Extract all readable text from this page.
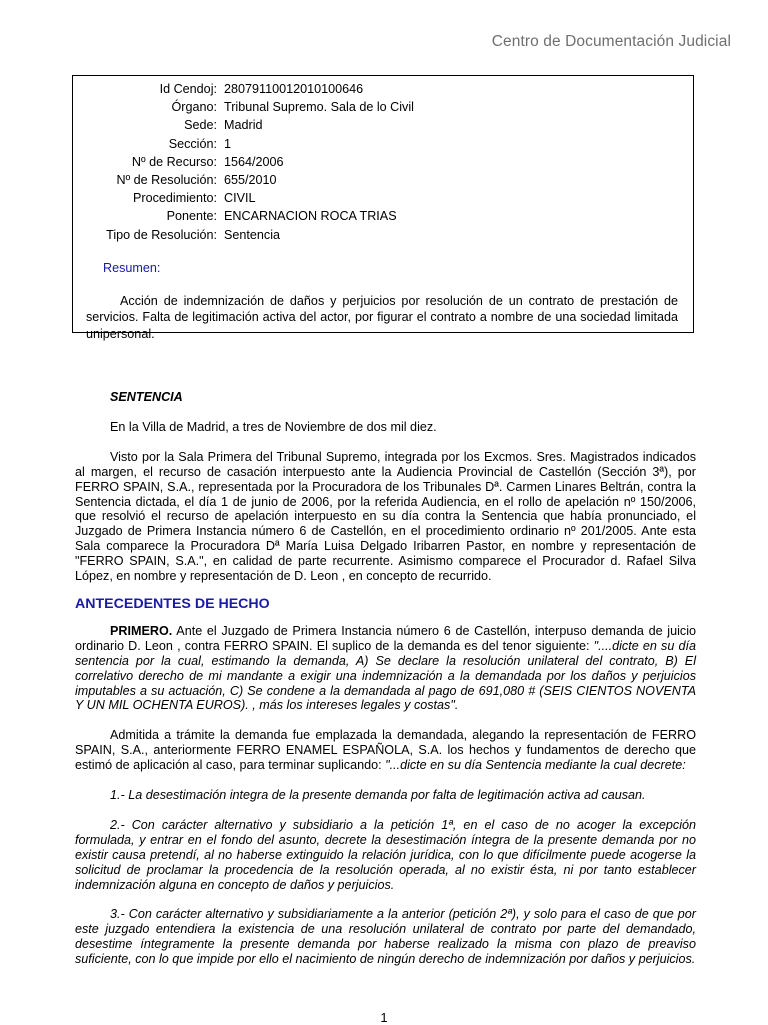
Centro de Documentación Judicial
Id Cendoj: 28079110012010100646
Órgano: Tribunal Supremo. Sala de lo Civil
Sede: Madrid
Sección: 1
Nº de Recurso: 1564/2006
Nº de Resolución: 655/2010
Procedimiento: CIVIL
Ponente: ENCARNACION ROCA TRIAS
Tipo de Resolución: Sentencia
Resumen:

Acción de indemnización de daños y perjuicios por resolución de un contrato de prestación de servicios. Falta de legitimación activa del actor, por figurar el contrato a nombre de una sociedad limitada unipersonal.

SENTENCIA

En la Villa de Madrid, a tres de Noviembre de dos mil diez.

Visto por la Sala Primera del Tribunal Supremo, integrada por los Excmos. Sres. Magistrados indicados al margen, el recurso de casación interpuesto ante la Audiencia Provincial de Castellón (Sección 3ª), por FERRO SPAIN, S.A., representada por la Procuradora de los Tribunales Dª. Carmen Linares Beltrán, contra la Sentencia dictada, el día 1 de junio de 2006, por la referida Audiencia, en el rollo de apelación nº 150/2006, que resolvió el recurso de apelación interpuesto en su día contra la Sentencia que había pronunciado, el Juzgado de Primera Instancia número 6 de Castellón, en el procedimiento ordinario nº 201/2005. Ante esta Sala comparece la Procuradora Dª María Luisa Delgado Iribarren Pastor, en nombre y representación de "FERRO SPAIN, S.A.", en calidad de parte recurrente. Asimismo comparece el Procurador d. Rafael Silva López, en nombre y representación de D. Leon , en concepto de recurrido.

ANTECEDENTES DE HECHO

PRIMERO. Ante el Juzgado de Primera Instancia número 6 de Castellón, interpuso demanda de juicio ordinario D. Leon , contra FERRO SPAIN. El suplico de la demanda es del tenor siguiente: "....dicte en su día sentencia por la cual, estimando la demanda, A) Se declare la resolución unilateral del contrato, B) El correlativo derecho de mi mandante a exigir una indemnización a la demandada por los daños y perjuicios imputables a su actuación, C) Se condene a la demandada al pago de 691,080 # (SEIS CIENTOS NOVENTA Y UN MIL OCHENTA EUROS). , más los intereses legales y costas".

Admitida a trámite la demanda fue emplazada la demandada, alegando la representación de FERRO SPAIN, S.A., anteriormente FERRO ENAMEL ESPAÑOLA, S.A. los hechos y fundamentos de derecho que estimó de aplicación al caso, para terminar suplicando: "...dicte en su día Sentencia mediante la cual decrete:

1.- La desestimación integra de la presente demanda por falta de legitimación activa ad causan.

2.- Con carácter alternativo y subsidiario a la petición 1ª, en el caso de no acoger la excepción formulada, y entrar en el fondo del asunto, decrete la desestimación íntegra de la presente demanda por no existir causa pretendí, al no haberse extinguido la relación jurídica, con lo que difícilmente puede acogerse la solicitud de proclamar la procedencia de la resolución operada, al no existir ésta, ni por tanto establecer indemnización alguna en concepto de daños y perjuicios.

3.- Con carácter alternativo y subsidiariamente a la anterior (petición 2ª), y solo para el caso de que por este juzgado entendiera la existencia de una resolución unilateral de contrato por parte del demandado, desestime íntegramente la presente demanda por haberse realizado la misma con plazo de preaviso suficiente, con lo que impide por ello el nacimiento de ningún derecho de indemnización por daños y perjuicios.

1
